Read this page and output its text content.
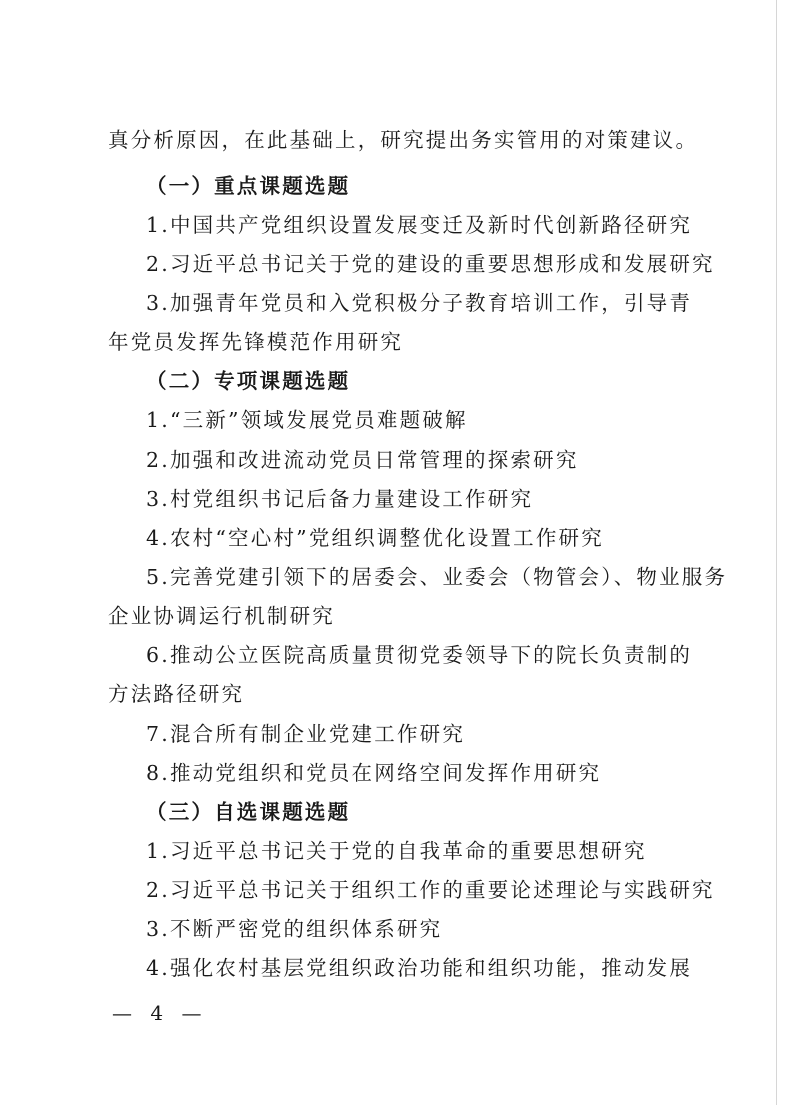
真分析原因，在此基础上，研究提出务实管用的对策建议。
（一）重点课题选题
1.中国共产党组织设置发展变迁及新时代创新路径研究
2.习近平总书记关于党的建设的重要思想形成和发展研究
3.加强青年党员和入党积极分子教育培训工作，引导青
年党员发挥先锋模范作用研究
（二）专项课题选题
1.“三新”领域发展党员难题破解
2.加强和改进流动党员日常管理的探索研究
3.村党组织书记后备力量建设工作研究
4.农村“空心村”党组织调整优化设置工作研究
5.完善党建引领下的居委会、业委会（物管会）、物业服务
企业协调运行机制研究
6.推动公立医院高质量贯彻党委领导下的院长负责制的
方法路径研究
7.混合所有制企业党建工作研究
8.推动党组织和党员在网络空间发挥作用研究
（三）自选课题选题
1.习近平总书记关于党的自我革命的重要思想研究
2.习近平总书记关于组织工作的重要论述理论与实践研究
3.不断严密党的组织体系研究
4.强化农村基层党组织政治功能和组织功能，推动发展
— 4 —
